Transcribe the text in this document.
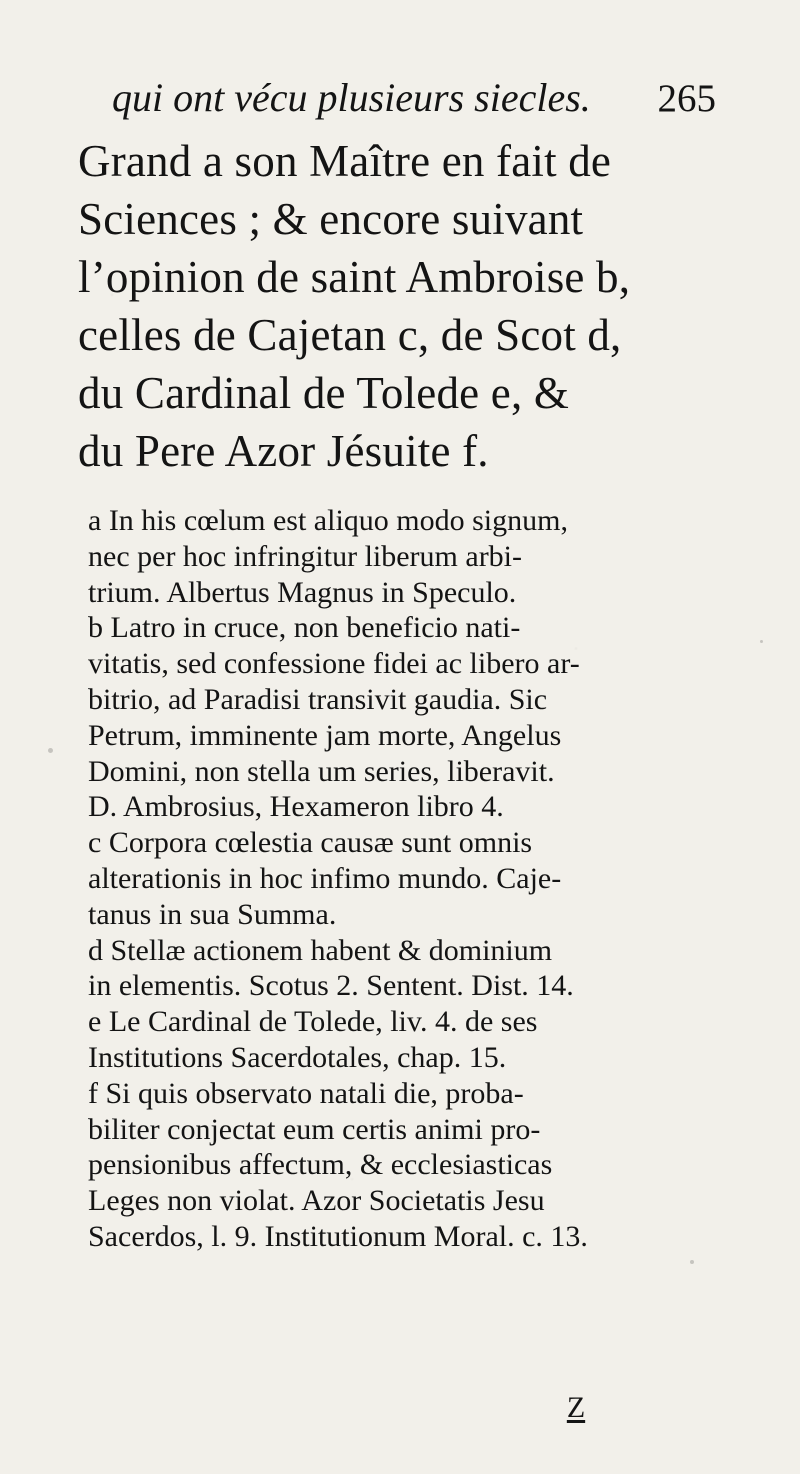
qui ont vécu plusieurs siecles. 265
Grand a son Maître en fait de
Sciences ; & encore suivant
l’opinion de saint Ambroise b,
celles de Cajetan c, de Scot d,
du Cardinal de Tolede e, &
du Pere Azor Jésuite f.
a In his cœlum est aliquo modo signum,
nec per hoc infringitur liberum arbi-
trium. Albertus Magnus in Speculo.
b Latro in cruce, non beneficio nati-
vitatis, sed confessione fidei ac libero ar-
bitrio, ad Paradisi transivit gaudia. Sic
Petrum, imminente jam morte, Angelus
Domini, non stella um series, liberavit.
D. Ambrosius, Hexameron libro 4.
c Corpora cœlestia causæ sunt omnis
alterationis in hoc infimo mundo. Caje-
tanus in sua Summa.
d Stellæ actionem habent & dominium
in elementis. Scotus 2. Sentent. Dist. 14.
e Le Cardinal de Tolede, liv. 4. de ses
Institutions Sacerdotales, chap. 15.
f Si quis observato natali die, proba-
biliter conjectat eum certis animi pro-
pensionibus affectum, & ecclesiasticas
Leges non violat. Azor Societatis Jesu
Sacerdos, l. 9. Institutionum Moral. c. 13.
Z
